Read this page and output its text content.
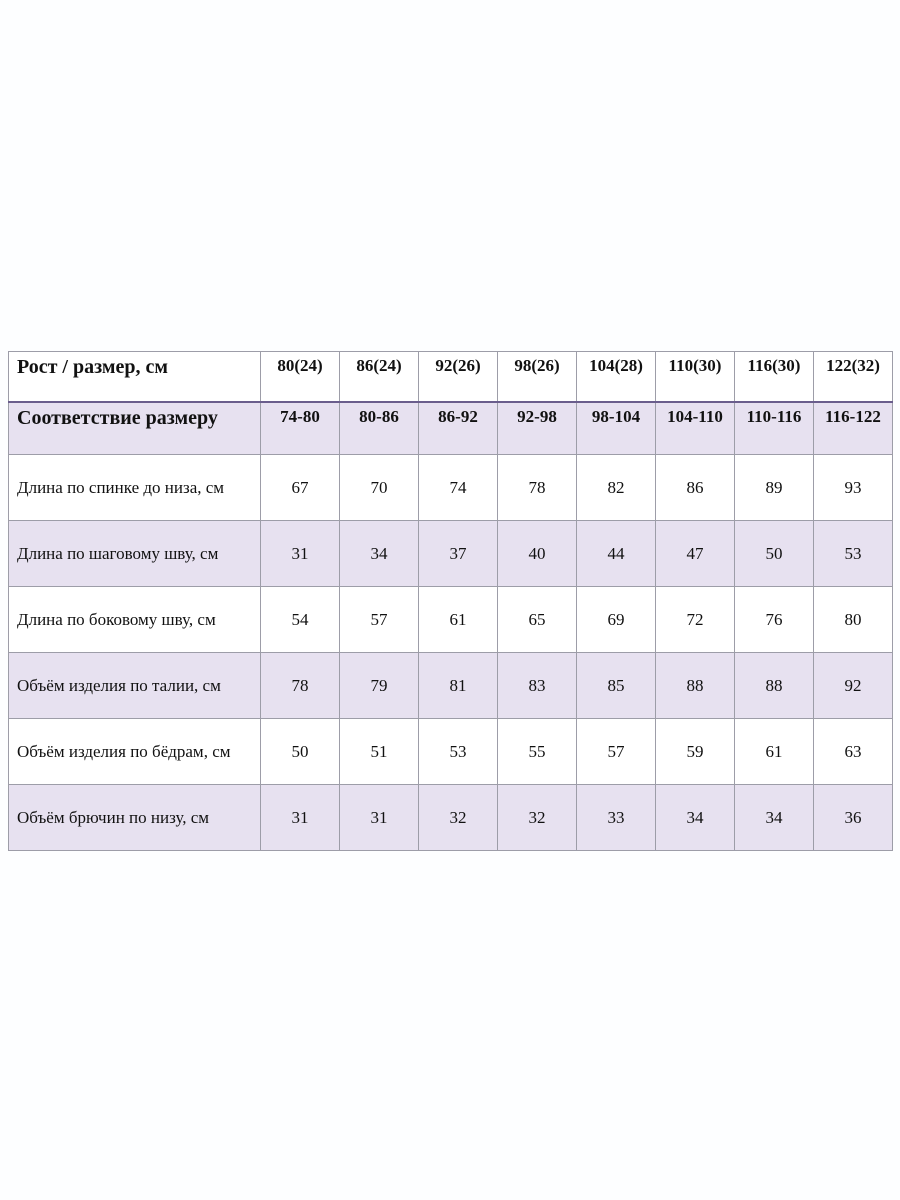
Рост / размер, см	80(24)	86(24)	92(26)	98(26)	104(28)	110(30)	116(30)	122(32)
Соответствие размеру	74-80	80-86	86-92	92-98	98-104	104-110	110-116	116-122
Длина по спинке до низа, см	67	70	74	78	82	86	89	93
Длина по шаговому шву, см	31	34	37	40	44	47	50	53
Длина по боковому шву, см	54	57	61	65	69	72	76	80
Объём изделия по талии, см	78	79	81	83	85	88	88	92
Объём изделия по бёдрам, см	50	51	53	55	57	59	61	63
Объём брючин по низу, см	31	31	32	32	33	34	34	36
